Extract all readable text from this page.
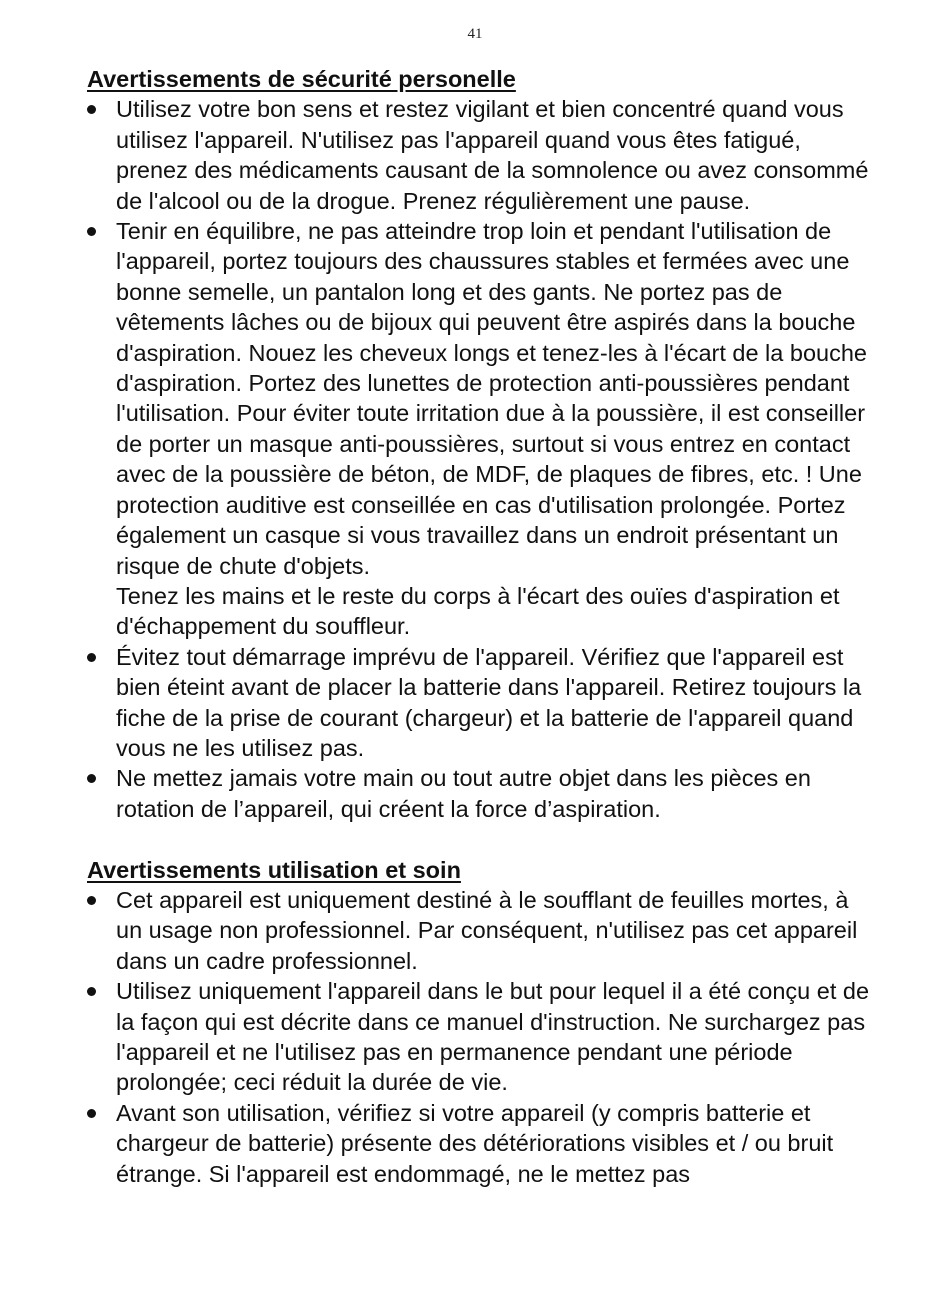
41
Avertissements de sécurité personelle

Utilisez votre bon sens et restez vigilant et bien concentré quand vous utilisez l'appareil. N'utilisez pas l'appareil quand vous êtes fatigué, prenez des médicaments causant de la somnolence ou avez consommé de l'alcool ou de la drogue. Prenez régulièrement une pause.

Tenir en équilibre, ne pas atteindre trop loin et pendant l'utilisation de l'appareil, portez toujours des chaussures stables et fermées avec une bonne semelle, un pantalon long et des gants. Ne portez pas de vêtements lâches ou de bijoux qui peuvent être aspirés dans la bouche d'aspiration. Nouez les cheveux longs et tenez-les à l'écart de la bouche d'aspiration. Portez des lunettes de protection anti-poussières pendant l'utilisation. Pour éviter toute irritation due à la poussière, il est conseiller de porter un masque anti-poussières, surtout si vous entrez en contact avec de la poussière de béton, de MDF, de plaques de fibres, etc. ! Une protection auditive est conseillée en cas d'utilisation prolongée. Portez également un casque si vous travaillez dans un endroit présentant un risque de chute d'objets.

Tenez les mains et le reste du corps à l'écart des ouïes d'aspiration et d'échappement du souffleur.

Évitez tout démarrage imprévu de l'appareil. Vérifiez que l'appareil est bien éteint avant de placer la batterie dans l'appareil. Retirez toujours la fiche de la prise de courant (chargeur) et la batterie de l'appareil quand vous ne les utilisez pas.

Ne mettez jamais votre main ou tout autre objet dans les pièces en rotation de l’appareil, qui créent la force d’aspiration.

Avertissements utilisation et soin

Cet appareil est uniquement destiné à le soufflant de feuilles mortes, à un usage non professionnel. Par conséquent, n'utilisez pas cet appareil dans un cadre professionnel.

Utilisez uniquement l'appareil dans le but pour lequel il a été conçu et de la façon qui est décrite dans ce manuel d'instruction. Ne surchargez pas l'appareil et ne l'utilisez pas en permanence pendant une période prolongée; ceci réduit la durée de vie.

Avant son utilisation, vérifiez si votre appareil (y compris batterie et chargeur de batterie) présente des détériorations visibles et / ou bruit étrange. Si l'appareil est endommagé, ne le mettez pas
